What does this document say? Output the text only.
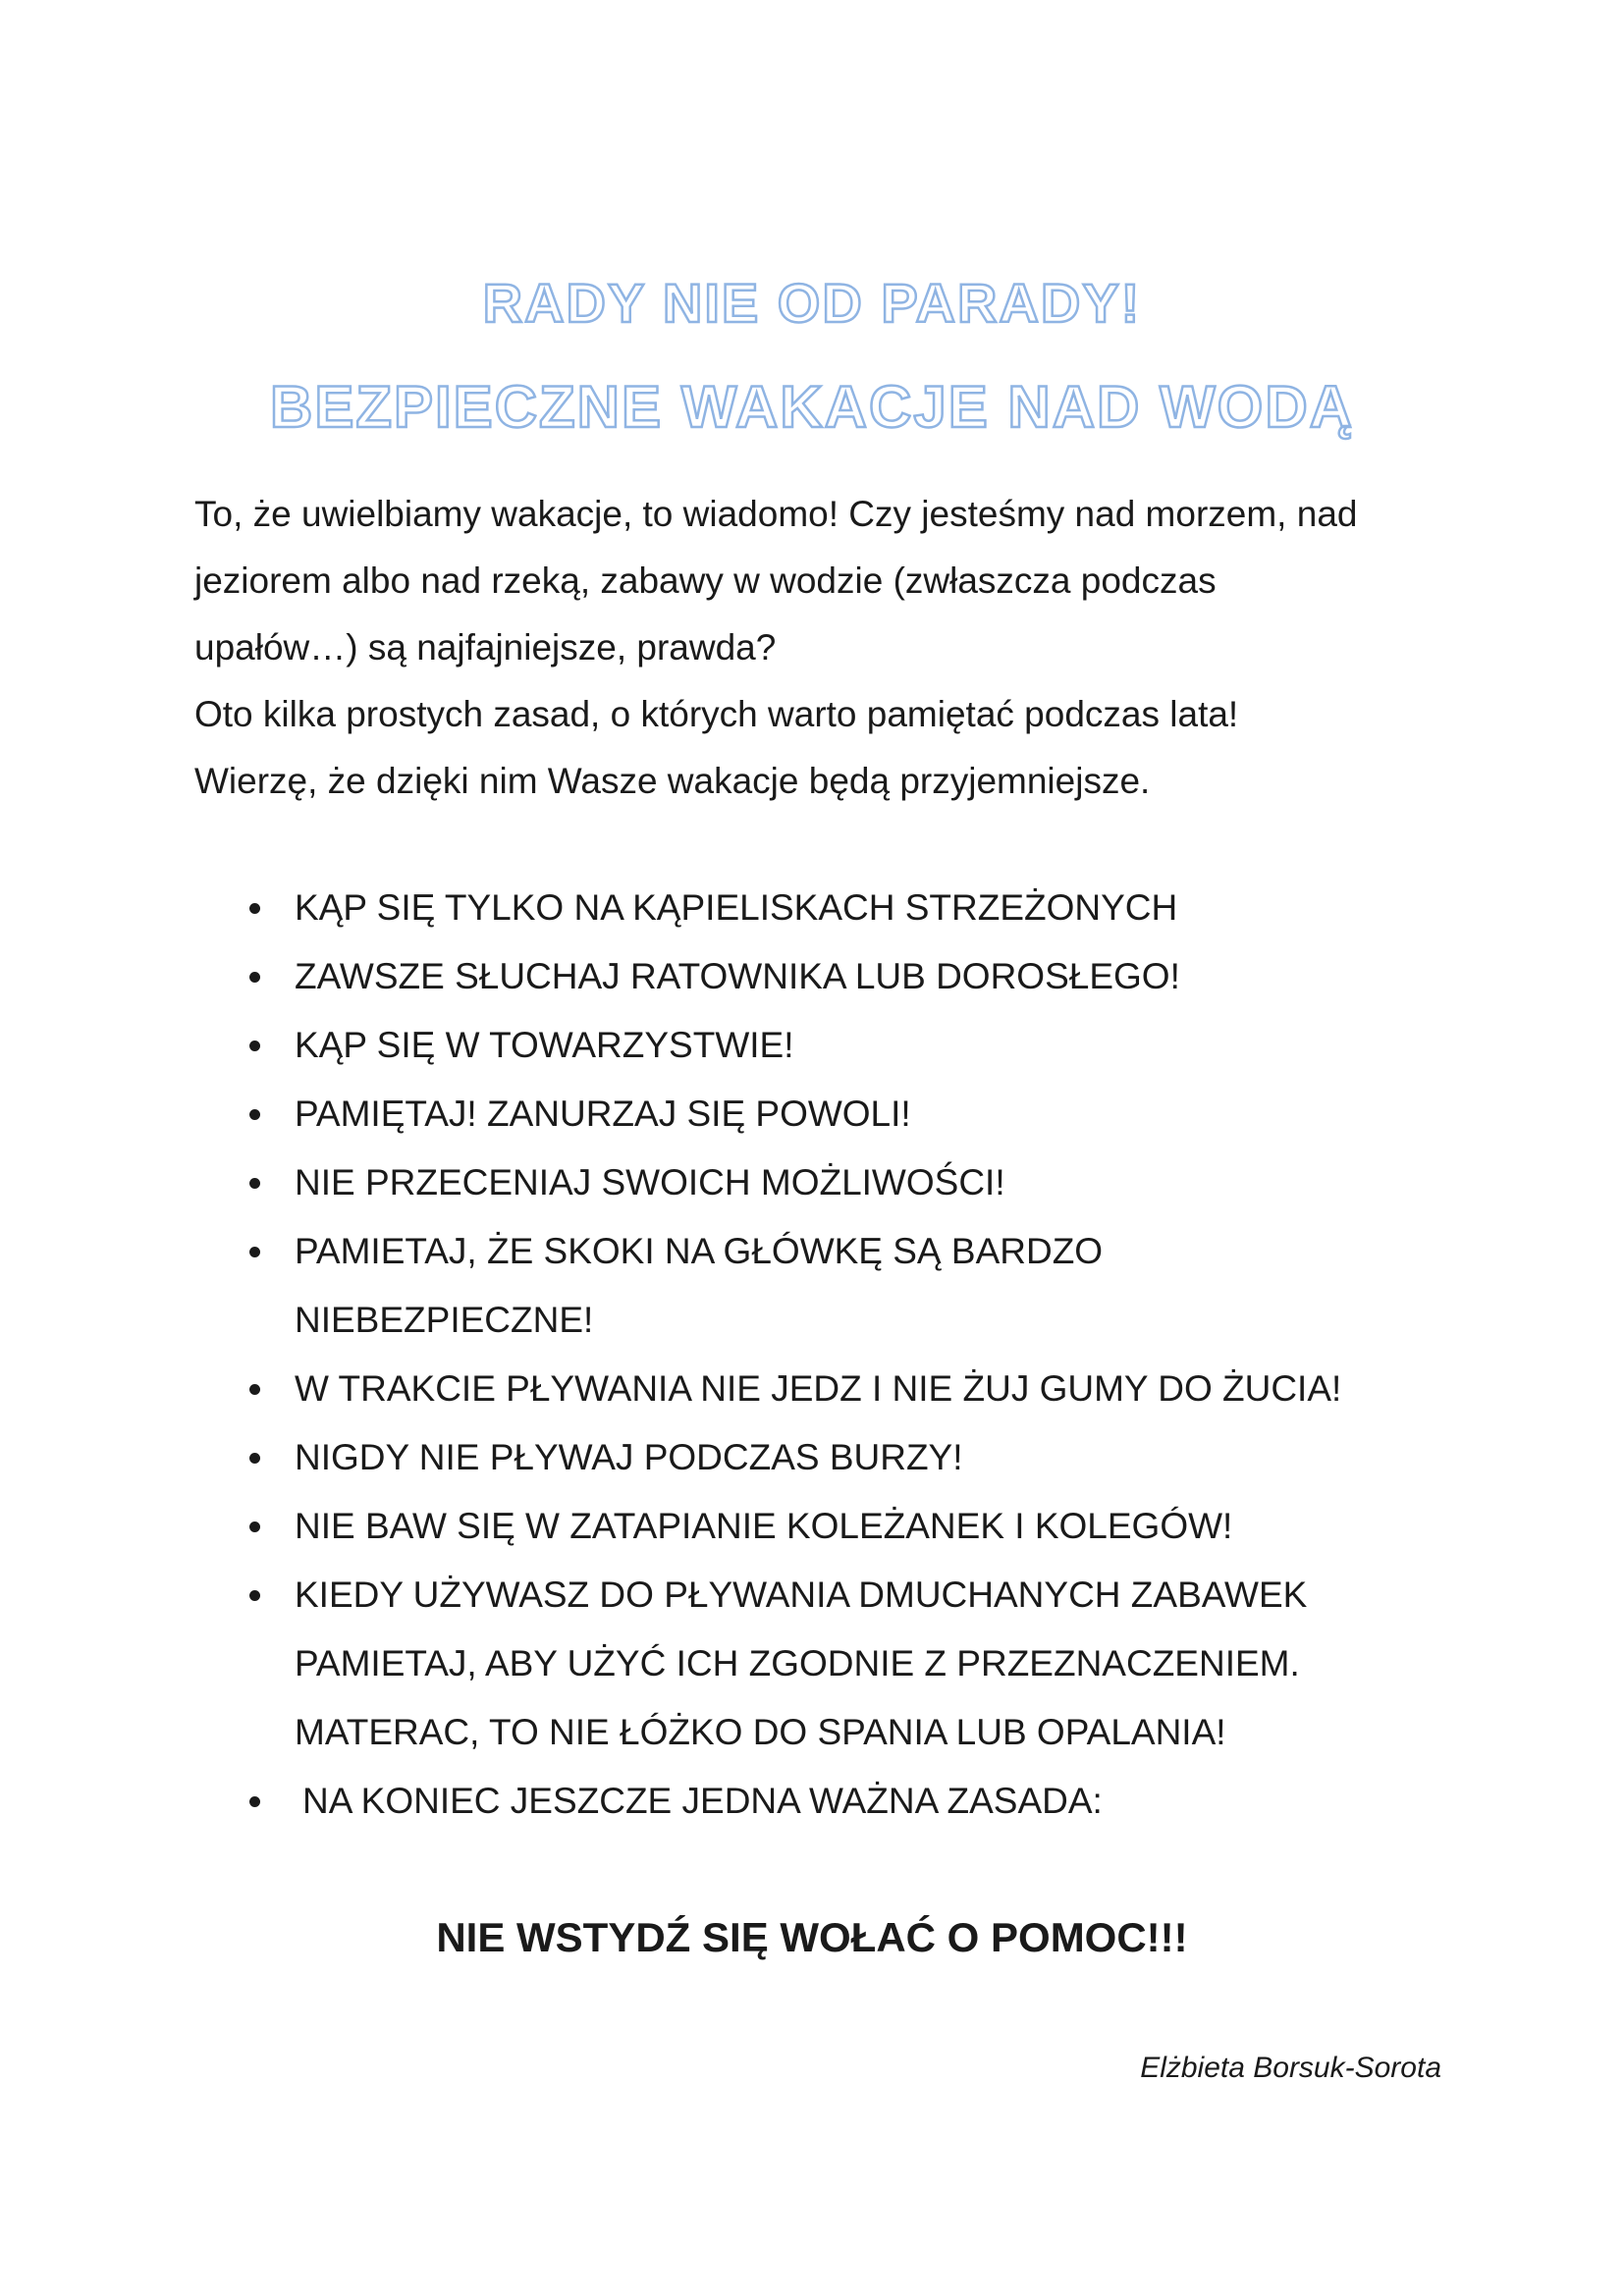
RADY NIE OD PARADY!
BEZPIECZNE WAKACJE NAD WODĄ

To, że uwielbiamy wakacje, to wiadomo! Czy jesteśmy nad morzem, nad

jeziorem albo nad rzeką, zabawy w wodzie (zwłaszcza podczas

upałów…) są najfajniejsze, prawda?

Oto kilka prostych zasad, o których warto pamiętać podczas lata!

Wierzę, że dzięki nim Wasze wakacje będą przyjemniejsze.

KĄP SIĘ TYLKO NA KĄPIELISKACH STRZEŻONYCH
ZAWSZE SŁUCHAJ RATOWNIKA LUB DOROSŁEGO!
KĄP SIĘ W TOWARZYSTWIE!
PAMIĘTAJ! ZANURZAJ SIĘ POWOLI!
NIE PRZECENIAJ SWOICH MOŻLIWOŚCI!
PAMIETAJ, ŻE SKOKI NA GŁÓWKĘ SĄ BARDZO
NIEBEZPIECZNE!
W TRAKCIE PŁYWANIA NIE JEDZ I NIE ŻUJ GUMY DO ŻUCIA!
NIGDY NIE PŁYWAJ PODCZAS BURZY!
NIE BAW SIĘ W ZATAPIANIE KOLEŻANEK I KOLEGÓW!
KIEDY UŻYWASZ DO PŁYWANIA DMUCHANYCH ZABAWEK
PAMIETAJ, ABY UŻYĆ ICH ZGODNIE Z PRZEZNACZENIEM.
MATERAC, TO NIE ŁÓŻKO DO SPANIA LUB OPALANIA!
NA KONIEC JESZCZE JEDNA WAŻNA ZASADA:

NIE WSTYDŹ SIĘ WOŁAĆ O POMOC!!!

Elżbieta Borsuk-Sorota
